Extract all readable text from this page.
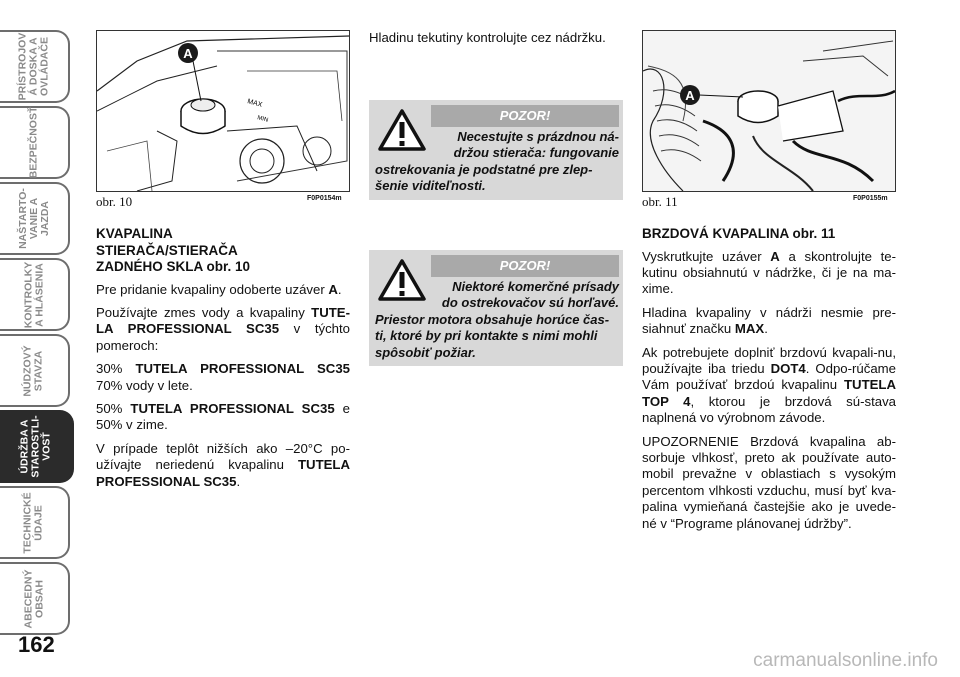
PRÍSTROJOV
Á DOSKA A
OVLÁDAČE
BEZPEČNOSŤ
NAŠTARTO-
VANIE A
JAZDA
KONTROLKY
A HLÁSENIA
NÚDZOVÝ
STAVZA
ÚDRŽBA A
STAROSTLI-
VOSŤ
TECHNICKÉ
ÚDAJE
ABECEDNÝ
OBSAH
162
MAX
MIN
A
obr. 10	F0P0154m
A
obr. 11	F0P0155m

KVAPALINA
STIERAČA/STIERAČA
ZADNÉHO SKLA obr. 10

Pre pridanie kvapaliny odoberte uzáver A.

Používajte zmes vody a kvapaliny TUTE-LA PROFESSIONAL SC35 v týchto pomeroch:

30% TUTELA PROFESSIONAL SC35 70% vody v lete.

50% TUTELA PROFESSIONAL SC35 e 50% v zime.

V prípade teplôt nižších ako –20°C po-užívajte neriedenú kvapalinu TUTELA PROFESSIONAL SC35.

Hladinu tekutiny kontrolujte cez nádržku.
POZOR!
Necestujte s prázdnou ná-
držou stierača: fungovanie
ostrekovania je podstatné pre zlep-šenie viditeľnosti.
POZOR!
Niektoré komerčné prísady
do ostrekovačov sú horľavé.
Priestor motora obsahuje horúce čas-ti, ktoré by pri kontakte s nimi mohli spôsobiť požiar.

BRZDOVÁ KVAPALINA obr. 11

Vyskrutkujte uzáver A a skontrolujte te-kutinu obsiahnutú v nádržke, či je na ma-xime.

Hladina kvapaliny v nádrži nesmie pre-siahnuť značku MAX.

Ak potrebujete doplniť brzdovú kvapali-nu, používajte iba triedu DOT4. Odpo-rúčame Vám používať brzdoú kvapalinu TUTELA TOP 4, ktorou je brzdová sú-stava naplnená vo výrobnom závode.

UPOZORNENIE Brzdová kvapalina ab-sorbuje vlhkosť, preto ak používate auto-mobil prevažne v oblastiach s vysokým percentom vlhkosti vzduchu, musí byť kva-palina vymieňaná častejšie ako je uvede-né v “Programe plánovanej údržby”.

carmanualsonline.info
